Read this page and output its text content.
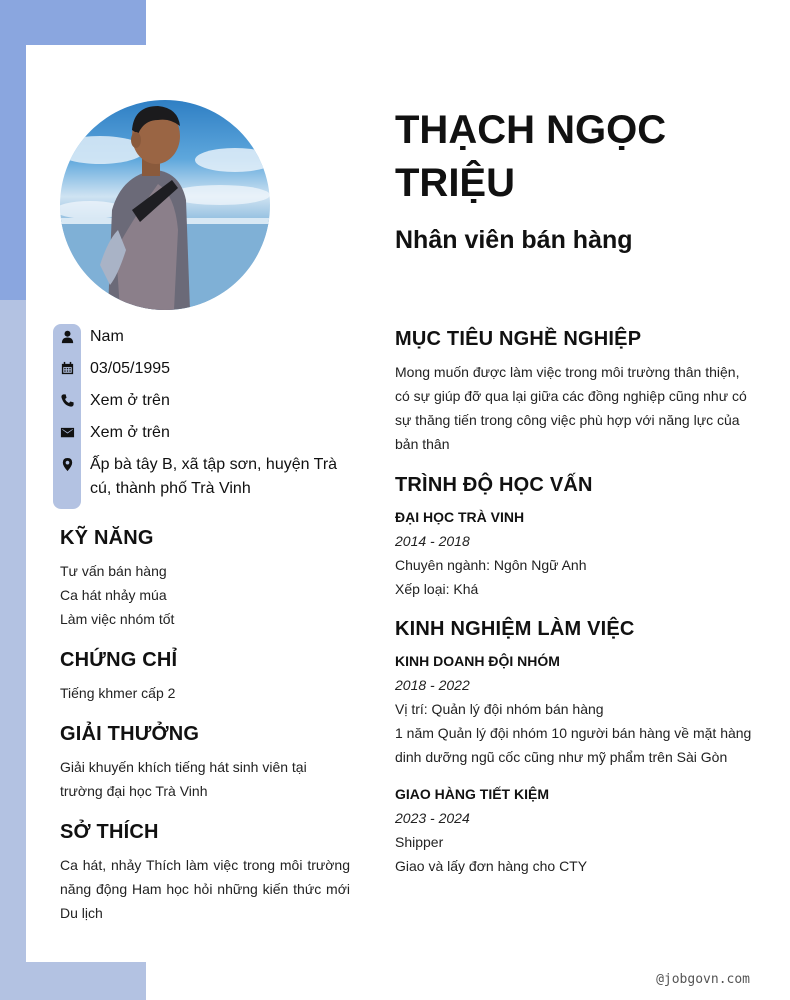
THẠCH NGỌC TRIỆU
Nhân viên bán hàng
Nam
03/05/1995
Xem ở trên
Xem ở trên
Ấp bà tây B, xã tập sơn, huyện Trà cú, thành phố Trà Vinh
KỸ NĂNG
Tư vấn bán hàng
Ca hát nhảy múa
Làm việc nhóm tốt
CHỨNG CHỈ
Tiếng khmer cấp 2
GIẢI THƯỞNG
Giải khuyến khích tiếng hát sinh viên tại trường đại học Trà Vinh
SỞ THÍCH
Ca hát, nhảy Thích làm việc trong môi trường năng động Ham học hỏi những kiến thức mới Du lịch
MỤC TIÊU NGHỀ NGHIỆP
Mong muốn được làm việc trong môi trường thân thiện, có sự giúp đỡ qua lại giữa các đồng nghiệp cũng như có sự thăng tiến trong công việc phù hợp với năng lực của bản thân
TRÌNH ĐỘ HỌC VẤN
ĐẠI HỌC TRÀ VINH
2014 - 2018
Chuyên ngành: Ngôn Ngữ Anh
Xếp loại: Khá
KINH NGHIỆM LÀM VIỆC
KINH DOANH ĐỘI NHÓM
2018 - 2022
Vị trí: Quản lý đội nhóm bán hàng
1 năm Quản lý đội nhóm 10 người bán hàng về mặt hàng dinh dưỡng ngũ cốc cũng như mỹ phẩm trên Sài Gòn
GIAO HÀNG TIẾT KIỆM
2023 - 2024
Shipper
Giao và lấy đơn hàng cho CTY
@jobgovn.com
